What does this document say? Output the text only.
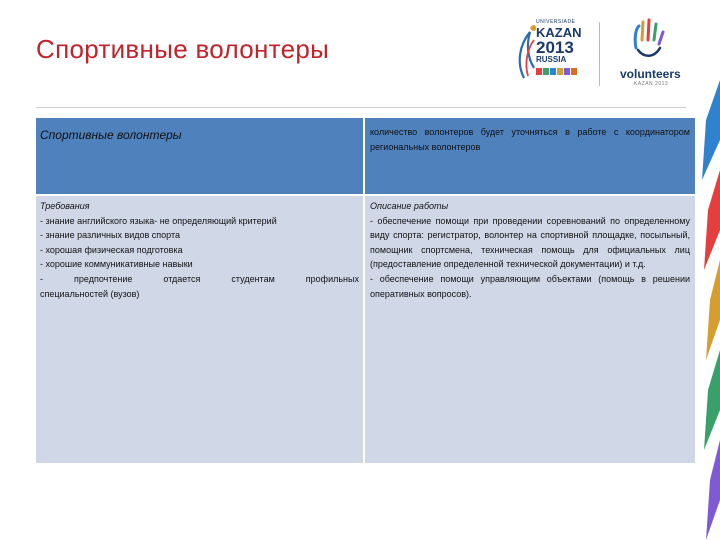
Спортивные волонтеры
UNIVERSIADE
KAZAN
2013
RUSSIA
volunteers
KAZAN 2013
Спортивные волонтеры	количество волонтеров будет уточняться в работе с координатором региональных волонтеров
Требования
- знание английского языка- не определяющий критерий
- знание различных видов спорта
- хорошая физическая подготовка
- хорошие коммуникативные навыки
- предпочтение отдается студентам профильных
специальностей (вузов)
Описание работы
- обеспечение помощи при проведении соревнований по определенному виду спорта: регистратор, волонтер на спортивной площадке, посыльный, помощник спортсмена, техническая помощь для официальных лиц (предоставление определенной технической документации) и т.д.
- обеспечение помощи управляющим объектами (помощь в решении оперативных вопросов).
